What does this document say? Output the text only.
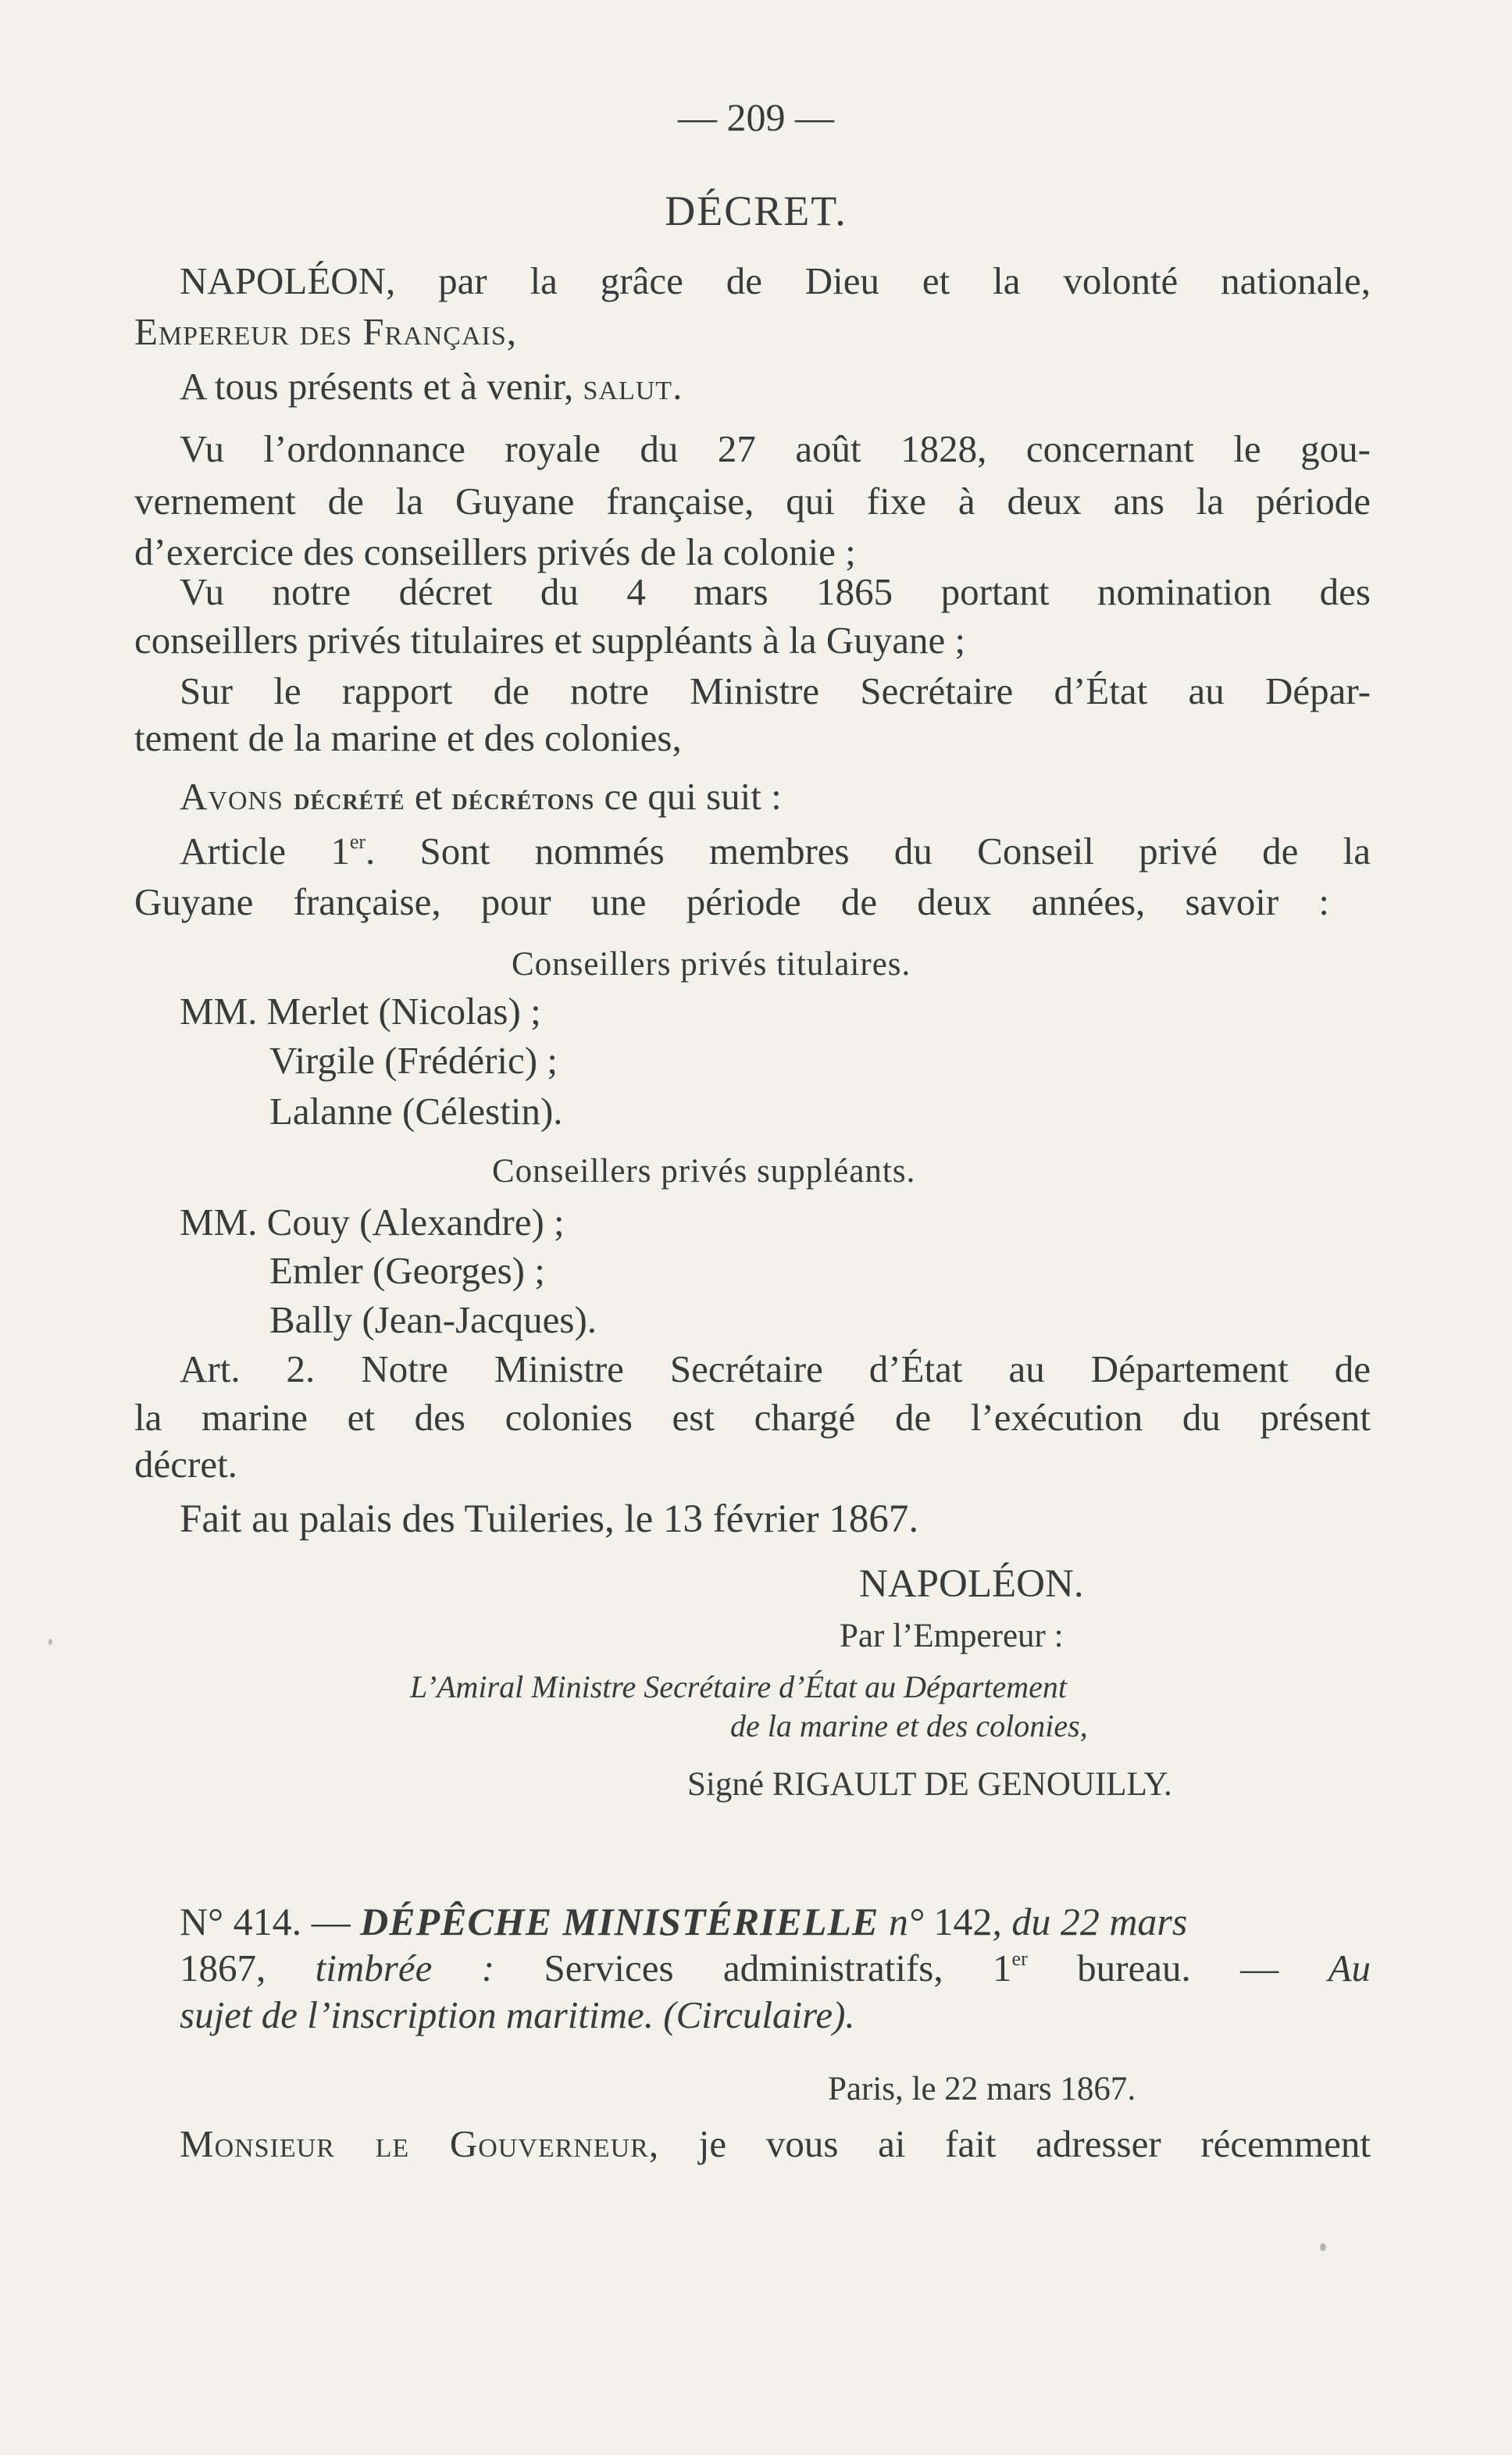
— 209 —
DÉCRET.
NAPOLÉON, par la grâce de Dieu et la volonté nationale,
Empereur des Français,
A tous présents et à venir, salut.
Vu l’ordonnance royale du 27 août 1828, concernant le gou-
vernement de la Guyane française, qui fixe à deux ans la période
d’exercice des conseillers privés de la colonie ;
Vu notre décret du 4 mars 1865 portant nomination des
conseillers privés titulaires et suppléants à la Guyane ;
Sur le rapport de notre Ministre Secrétaire d’État au Dépar-
tement de la marine et des colonies,
Avons décrété et décrétons ce qui suit :
Article 1er. Sont nommés membres du Conseil privé de la
Guyane française, pour une période de deux années, savoir :
Conseillers privés titulaires.
MM. Merlet (Nicolas) ;
Virgile (Frédéric) ;
Lalanne (Célestin).
Conseillers privés suppléants.
MM. Couy (Alexandre) ;
Emler (Georges) ;
Bally (Jean-Jacques).
Art. 2. Notre Ministre Secrétaire d’État au Département de
la marine et des colonies est chargé de l’exécution du présent
décret.
Fait au palais des Tuileries, le 13 février 1867.
NAPOLÉON.
Par l’Empereur :
L’Amiral Ministre Secrétaire d’État au Département
de la marine et des colonies,
Signé RIGAULT DE GENOUILLY.
N° 414. — DÉPÊCHE MINISTÉRIELLE n° 142, du 22 mars
1867, timbrée : Services administratifs, 1er bureau. — Au
sujet de l’inscription maritime. (Circulaire).
Paris, le 22 mars 1867.
Monsieur le Gouverneur, je vous ai fait adresser récemment
